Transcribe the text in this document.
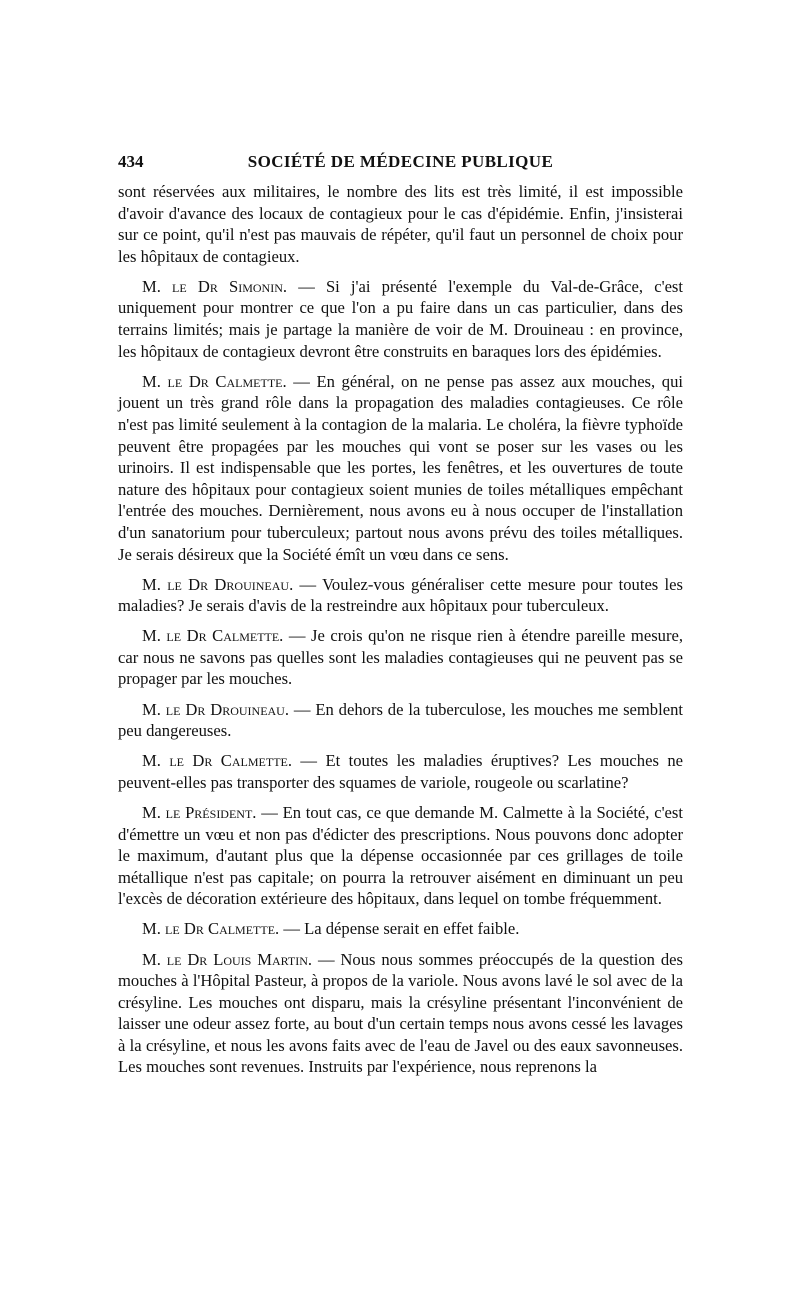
434	SOCIÉTÉ DE MÉDECINE PUBLIQUE

sont réservées aux militaires, le nombre des lits est très limité, il est impossible d'avoir d'avance des locaux de contagieux pour le cas d'épidémie. Enfin, j'insisterai sur ce point, qu'il n'est pas mauvais de répéter, qu'il faut un personnel de choix pour les hôpitaux de contagieux.

M. le Dr Simonin. — Si j'ai présenté l'exemple du Val-de-Grâce, c'est uniquement pour montrer ce que l'on a pu faire dans un cas particulier, dans des terrains limités; mais je partage la manière de voir de M. Drouineau : en province, les hôpitaux de contagieux devront être construits en baraques lors des épidémies.

M. le Dr Calmette. — En général, on ne pense pas assez aux mouches, qui jouent un très grand rôle dans la propagation des maladies contagieuses. Ce rôle n'est pas limité seulement à la contagion de la malaria. Le choléra, la fièvre typhoïde peuvent être propagées par les mouches qui vont se poser sur les vases ou les urinoirs. Il est indispensable que les portes, les fenêtres, et les ouvertures de toute nature des hôpitaux pour contagieux soient munies de toiles métalliques empêchant l'entrée des mouches. Dernièrement, nous avons eu à nous occuper de l'installation d'un sanatorium pour tuberculeux; partout nous avons prévu des toiles métalliques. Je serais désireux que la Société émît un vœu dans ce sens.

M. le Dr Drouineau. — Voulez-vous généraliser cette mesure pour toutes les maladies? Je serais d'avis de la restreindre aux hôpitaux pour tuberculeux.

M. le Dr Calmette. — Je crois qu'on ne risque rien à étendre pareille mesure, car nous ne savons pas quelles sont les maladies contagieuses qui ne peuvent pas se propager par les mouches.

M. le Dr Drouineau. — En dehors de la tuberculose, les mouches me semblent peu dangereuses.

M. le Dr Calmette. — Et toutes les maladies éruptives? Les mouches ne peuvent-elles pas transporter des squames de variole, rougeole ou scarlatine?

M. le Président. — En tout cas, ce que demande M. Calmette à la Société, c'est d'émettre un vœu et non pas d'édicter des prescriptions. Nous pouvons donc adopter le maximum, d'autant plus que la dépense occasionnée par ces grillages de toile métallique n'est pas capitale; on pourra la retrouver aisément en diminuant un peu l'excès de décoration extérieure des hôpitaux, dans lequel on tombe fréquemment.

M. le Dr Calmette. — La dépense serait en effet faible.

M. le Dr Louis Martin. — Nous nous sommes préoccupés de la question des mouches à l'Hôpital Pasteur, à propos de la variole. Nous avons lavé le sol avec de la crésyline. Les mouches ont disparu, mais la crésyline présentant l'inconvénient de laisser une odeur assez forte, au bout d'un certain temps nous avons cessé les lavages à la crésyline, et nous les avons faits avec de l'eau de Javel ou des eaux savonneuses. Les mouches sont revenues. Instruits par l'expérience, nous reprenons la
